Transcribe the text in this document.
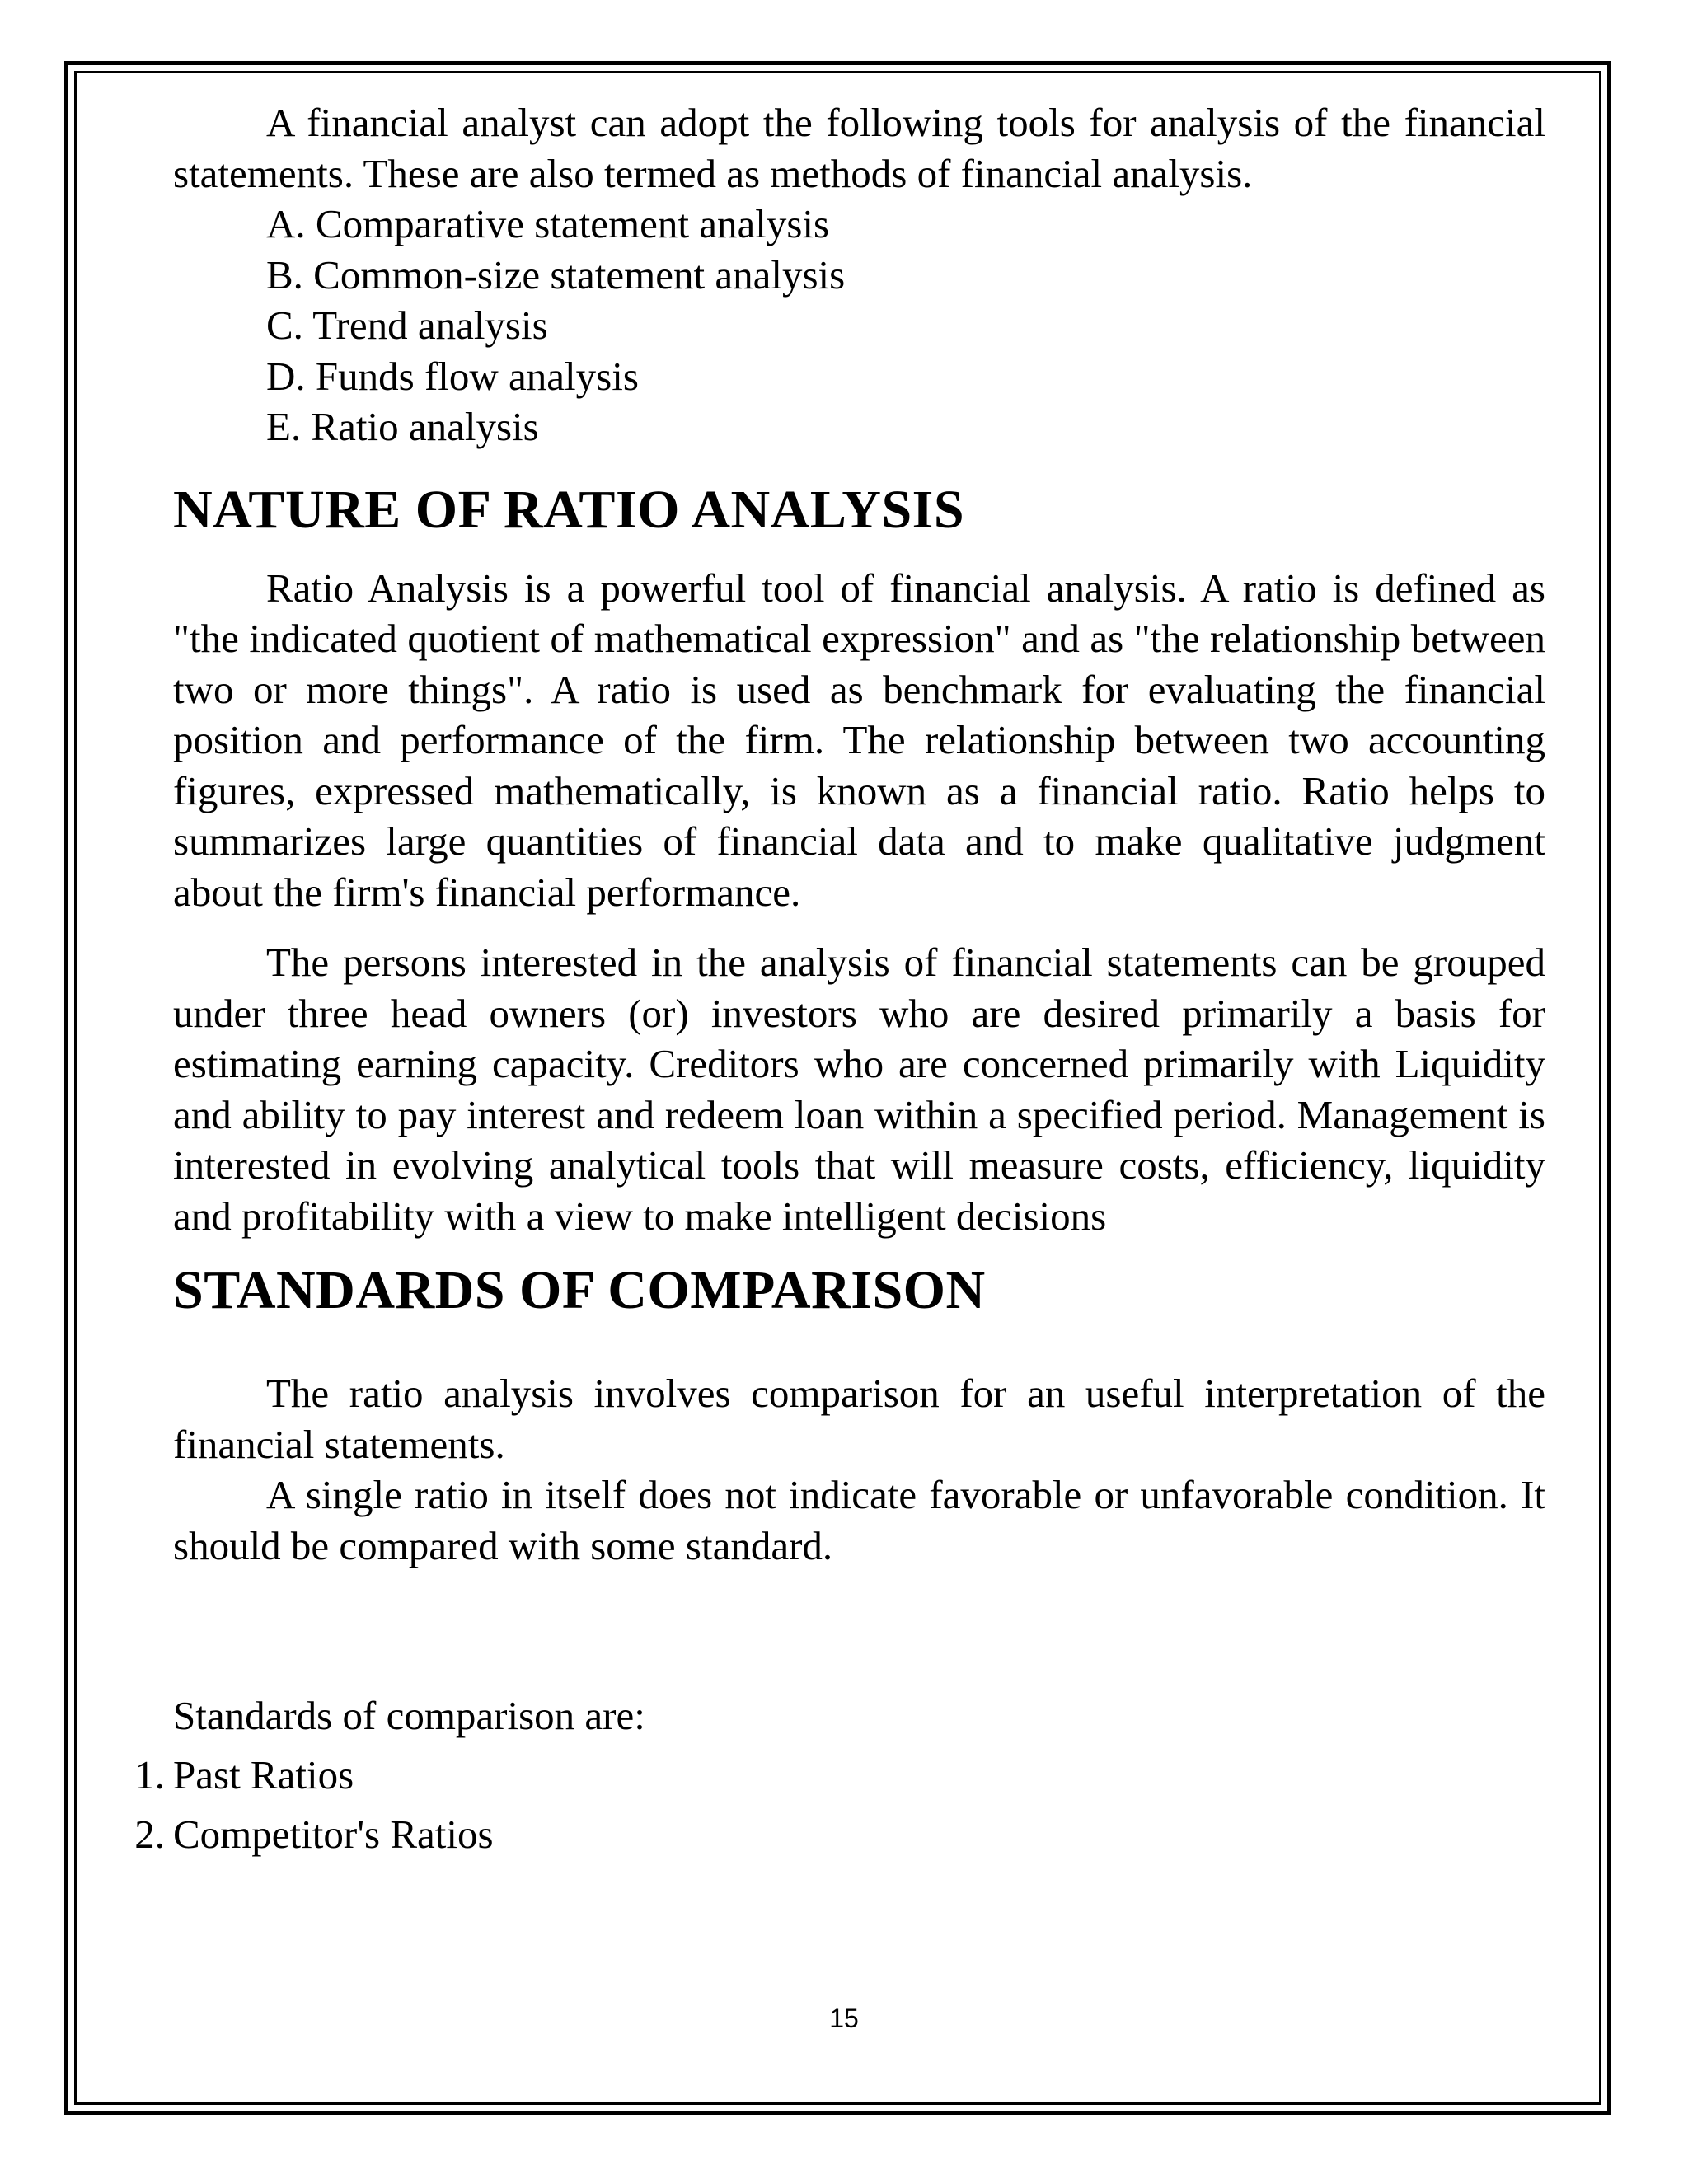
A financial analyst can adopt the following tools for analysis of the financial statements. These are also termed as methods of financial analysis.

A. Comparative statement analysis

B. Common-size statement analysis

C. Trend analysis

D. Funds flow analysis

E. Ratio analysis

NATURE OF RATIO ANALYSIS

Ratio Analysis is a powerful tool of financial analysis. A ratio is defined as "the indicated quotient of mathematical expression" and as "the relationship between two or more things". A ratio is used as benchmark for evaluating the financial position and performance of the firm. The relationship between two accounting figures, expressed mathematically, is known as a financial ratio. Ratio helps to summarizes large quantities of financial data and to make qualitative judgment about the firm's financial performance.

The persons interested in the analysis of financial statements can be grouped under three head owners (or) investors who are desired primarily a basis for estimating earning capacity. Creditors who are concerned primarily with Liquidity and ability to pay interest and redeem loan within a specified period. Management is interested in evolving analytical tools that will measure costs, efficiency, liquidity and profitability with a view to make intelligent decisions

STANDARDS OF COMPARISON

The ratio analysis involves comparison for an useful interpretation of the financial statements.

A single ratio in itself does not indicate favorable or unfavorable condition. It should be compared with some standard.

Standards of comparison are:

1. Past Ratios

2. Competitor's Ratios

15
